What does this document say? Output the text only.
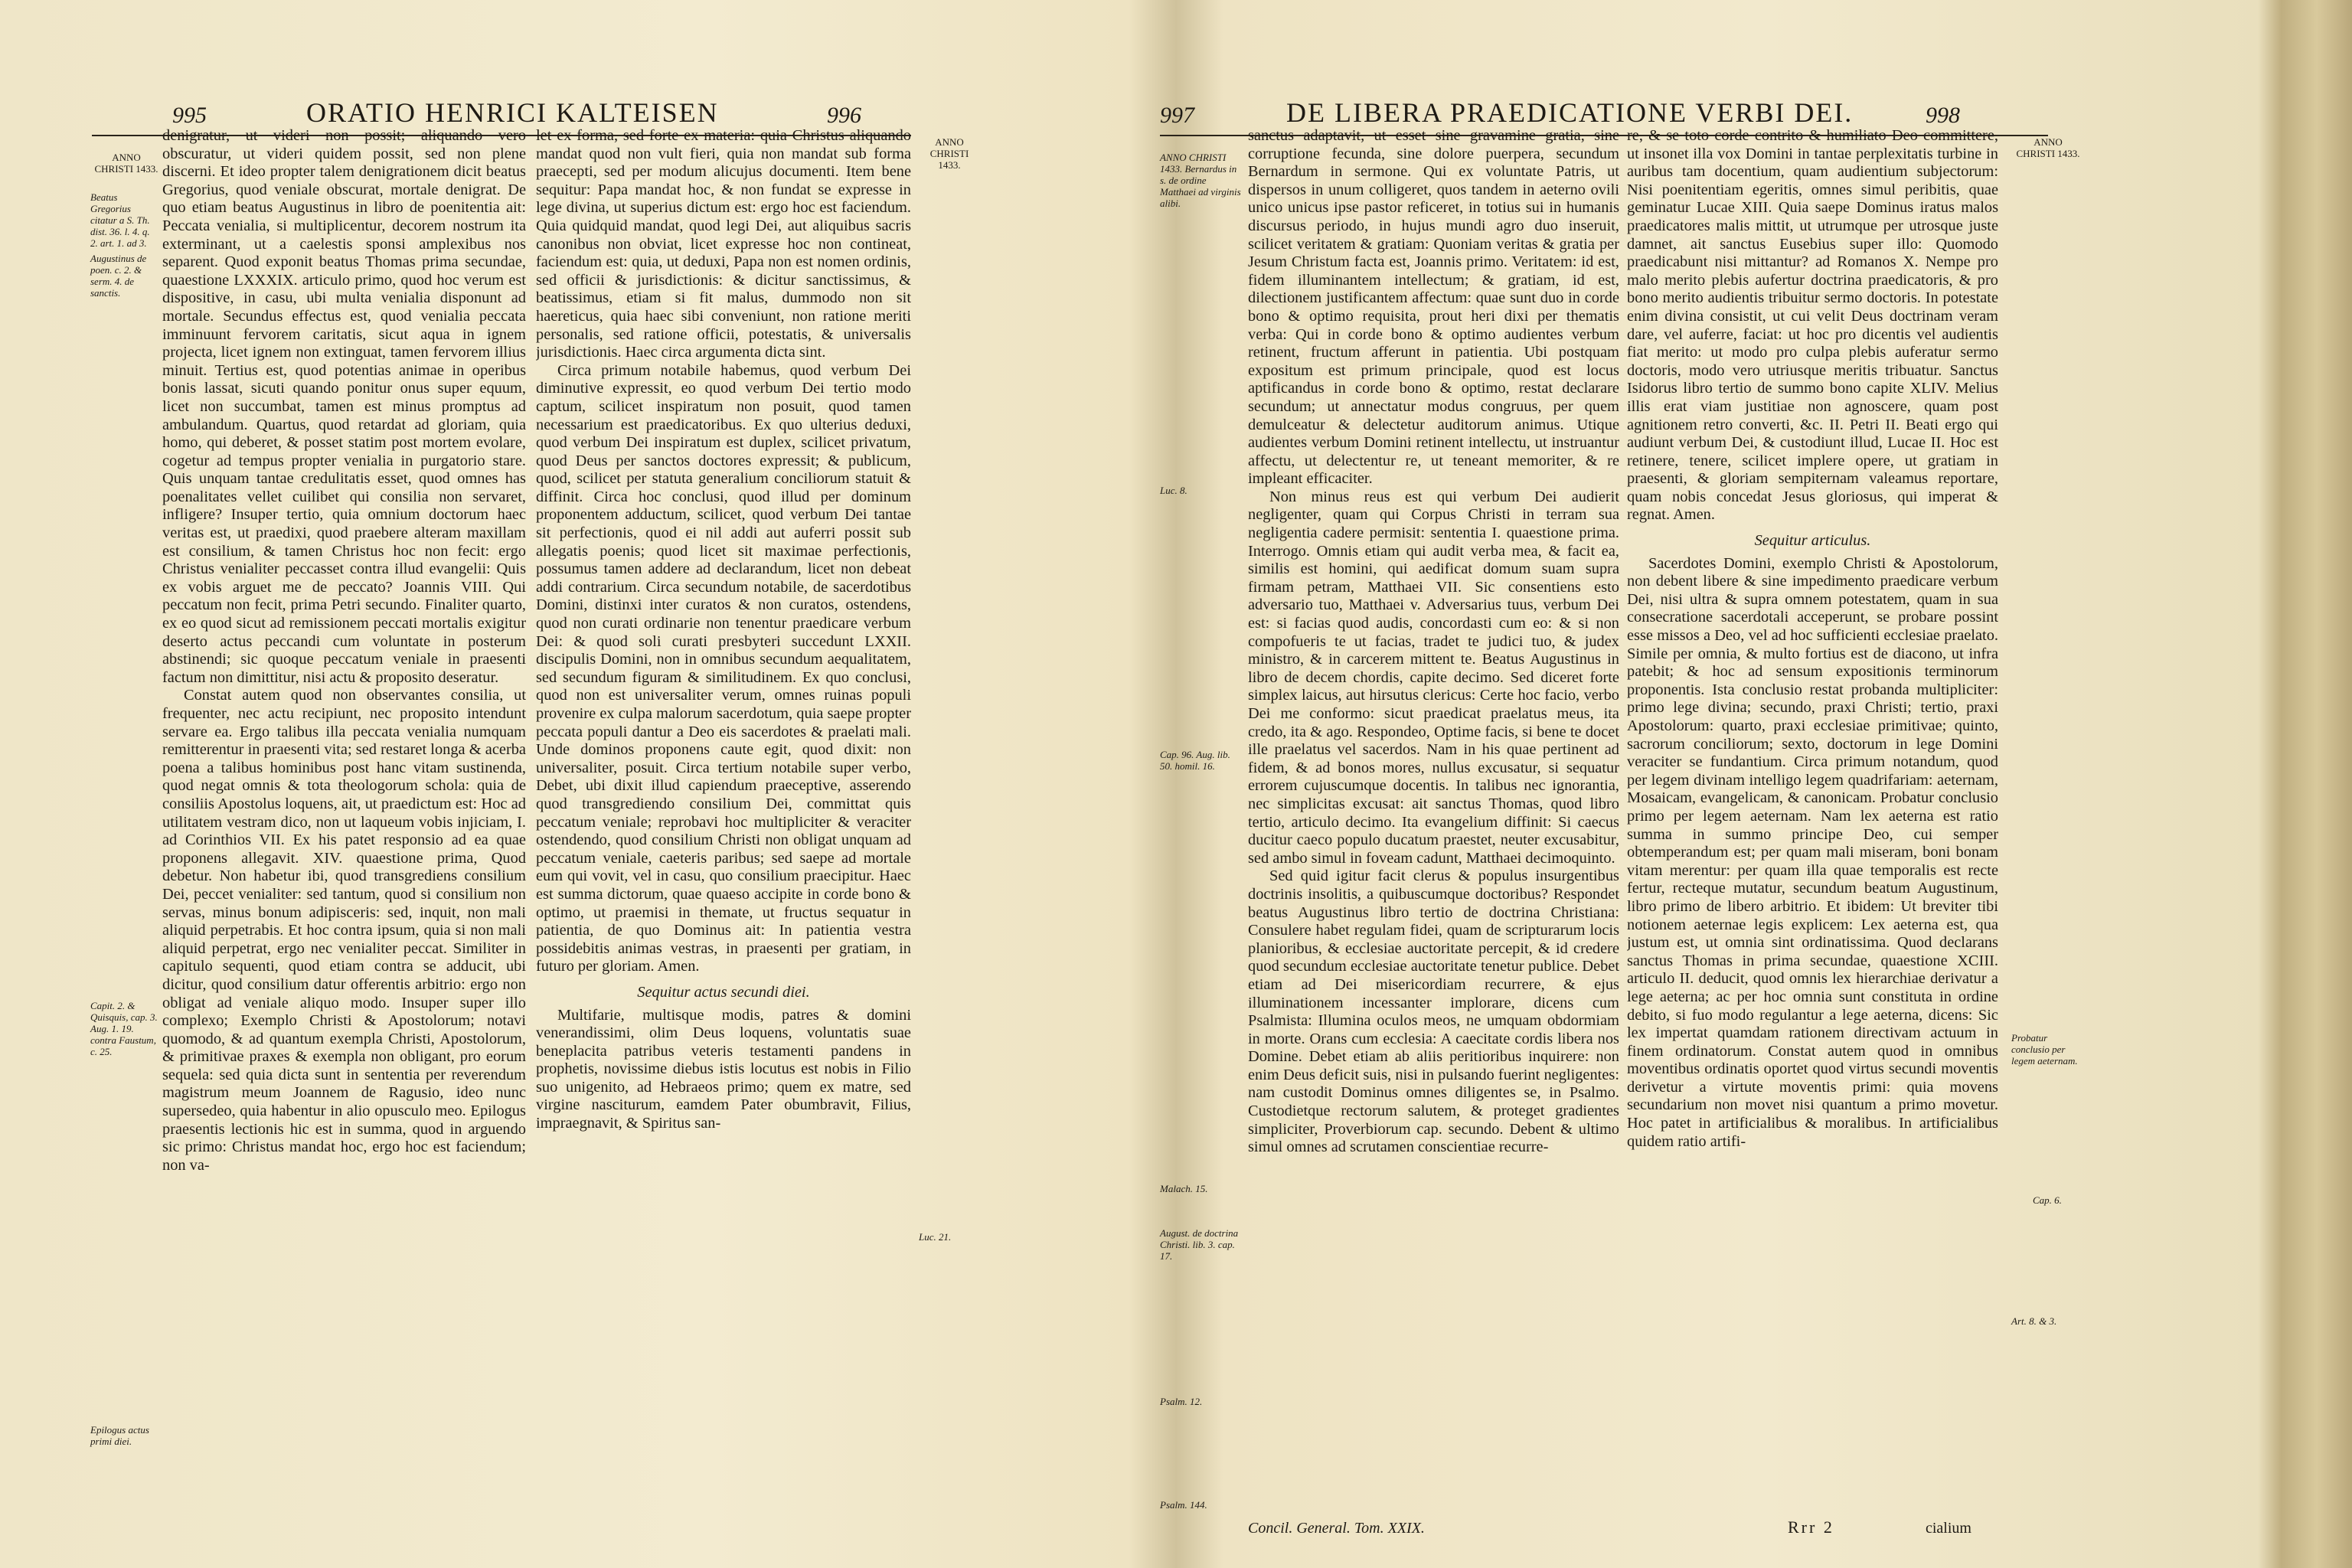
995	ORATIO HENRICI KALTEISEN	996
ANNO CHRISTI 1433.
Beatus Gregorius citatur a S. Th. dist. 36. l. 4. q. 2. art. 1. ad 3.
Augustinus de poen. c. 2. & serm. 4. de sanctis.
Capit. 2. & Quisquis, cap. 3. Aug. 1. 19. contra Faustum, c. 25.
Epilogus actus primi diei.

denigratur, ut videri non possit; aliquando vero obscuratur, ut videri quidem possit, sed non plene discerni. Et ideo propter talem denigrationem dicit beatus Gregorius, quod veniale obscurat, mortale denigrat. De quo etiam beatus Augustinus in libro de poenitentia ait: Peccata venialia, si multiplicentur, decorem nostrum ita exterminant, ut a caelestis sponsi amplexibus nos separent. Quod exponit beatus Thomas prima secundae, quaestione LXXXIX. articulo primo, quod hoc verum est dispositive, in casu, ubi multa venialia disponunt ad mortale. Secundus effectus est, quod venialia peccata imminuunt fervorem caritatis, sicut aqua in ignem projecta, licet ignem non extinguat, tamen fervorem illius minuit. Tertius est, quod potentias animae in operibus bonis lassat, sicuti quando ponitur onus super equum, licet non succumbat, tamen est minus promptus ad ambulandum. Quartus, quod retardat ad gloriam, quia homo, qui deberet, & posset statim post mortem evolare, cogetur ad tempus propter venialia in purgatorio stare. Quis unquam tantae credulitatis esset, quod omnes has poenalitates vellet cuilibet qui consilia non servaret, infligere? Insuper tertio, quia omnium doctorum haec veritas est, ut praedixi, quod praebere alteram maxillam est consilium, & tamen Christus hoc non fecit: ergo Christus venialiter peccasset contra illud evangelii: Quis ex vobis arguet me de peccato? Joannis VIII. Qui peccatum non fecit, prima Petri secundo. Finaliter quarto, ex eo quod sicut ad remissionem peccati mortalis exigitur deserto actus peccandi cum voluntate in posterum abstinendi; sic quoque peccatum veniale in praesenti factum non dimittitur, nisi actu & proposito deseratur.

Constat autem quod non observantes consilia, ut frequenter, nec actu recipiunt, nec proposito intendunt servare ea. Ergo talibus illa peccata venialia numquam remitterentur in praesenti vita; sed restaret longa & acerba poena a talibus hominibus post hanc vitam sustinenda, quod negat omnis & tota theologorum schola: quia de consiliis Apostolus loquens, ait, ut praedictum est: Hoc ad utilitatem vestram dico, non ut laqueum vobis injiciam, I. ad Corinthios VII. Ex his patet responsio ad ea quae proponens allegavit. XIV. quaestione prima, Quod debetur. Non habetur ibi, quod transgrediens consilium Dei, peccet venialiter: sed tantum, quod si consilium non servas, minus bonum adipisceris: sed, inquit, non mali aliquid perpetrabis. Et hoc contra ipsum, quia si non mali aliquid perpetrat, ergo nec venialiter peccat. Similiter in capitulo sequenti, quod etiam contra se adducit, ubi dicitur, quod consilium datur offerentis arbitrio: ergo non obligat ad veniale aliquo modo. Insuper super illo complexo; Exemplo Christi & Apostolorum; notavi quomodo, & ad quantum exempla Christi, Apostolorum, & primitivae praxes & exempla non obligant, pro eorum sequela: sed quia dicta sunt in sententia per reverendum magistrum meum Joannem de Ragusio, ideo nunc supersedeo, quia habentur in alio opusculo meo. Epilogus praesentis lectionis hic est in summa, quod in arguendo sic primo: Christus mandat hoc, ergo hoc est faciendum; non va-

let ex forma, sed forte ex materia: quia Christus aliquando mandat quod non vult fieri, quia non mandat sub forma praecepti, sed per modum alicujus documenti. Item bene sequitur: Papa mandat hoc, & non fundat se expresse in lege divina, ut superius dictum est: ergo hoc est faciendum. Quia quidquid mandat, quod legi Dei, aut aliquibus sacris canonibus non obviat, licet expresse hoc non contineat, faciendum est: quia, ut deduxi, Papa non est nomen ordinis, sed officii & jurisdictionis: & dicitur sanctissimus, & beatissimus, etiam si fit malus, dummodo non sit haereticus, quia haec sibi conveniunt, non ratione meriti personalis, sed ratione officii, potestatis, & universalis jurisdictionis. Haec circa argumenta dicta sint.

Circa primum notabile habemus, quod verbum Dei diminutive expressit, eo quod verbum Dei tertio modo captum, scilicet inspiratum non posuit, quod tamen necessarium est praedicatoribus. Ex quo ulterius deduxi, quod verbum Dei inspiratum est duplex, scilicet privatum, quod Deus per sanctos doctores expressit; & publicum, quod, scilicet per statuta generalium conciliorum statuit & diffinit. Circa hoc conclusi, quod illud per dominum proponentem adductum, scilicet, quod verbum Dei tantae sit perfectionis, quod ei nil addi aut auferri possit sub allegatis poenis; quod licet sit maximae perfectionis, possumus tamen addere ad declarandum, licet non debeat addi contrarium. Circa secundum notabile, de sacerdotibus Domini, distinxi inter curatos & non curatos, ostendens, quod non curati ordinarie non tenentur praedicare verbum Dei: & quod soli curati presbyteri succedunt LXXII. discipulis Domini, non in omnibus secundum aequalitatem, sed secundum figuram & similitudinem. Ex quo conclusi, quod non est universaliter verum, omnes ruinas populi provenire ex culpa malorum sacerdotum, quia saepe propter peccata populi dantur a Deo eis sacerdotes & praelati mali. Unde dominos proponens caute egit, quod dixit: non universaliter, posuit. Circa tertium notabile super verbo, Debet, ubi dixit illud capiendum praeceptive, asserendo quod transgrediendo consilium Dei, committat quis peccatum veniale; reprobavi hoc multipliciter & veraciter ostendendo, quod consilium Christi non obligat unquam ad peccatum veniale, caeteris paribus; sed saepe ad mortale eum qui vovit, vel in casu, quo consilium praecipitur. Haec est summa dictorum, quae quaeso accipite in corde bono & optimo, ut praemisi in themate, ut fructus sequatur in patientia, de quo Dominus ait: In patientia vestra possidebitis animas vestras, in praesenti per gratiam, in futuro per gloriam. Amen.

Sequitur actus secundi diei.

Multifarie, multisque modis, patres & domini venerandissimi, olim Deus loquens, voluntatis suae beneplacita patribus veteris testamenti pandens in prophetis, novissime diebus istis locutus est nobis in Filio suo unigenito, ad Hebraeos primo; quem ex matre, sed virgine nasciturum, eamdem Pater obumbravit, Filius, impraegnavit, & Spiritus san-

ANNO CHRISTI 1433.
Luc. 21.
997	DE LIBERA PRAEDICATIONE VERBI DEI.	998
ANNO CHRISTI 1433. Bernardus in s. de ordine Matthaei ad virginis alibi.
Luc. 8.
Cap. 96. Aug. lib. 50. homil. 16.
Malach. 15.
August. de doctrina Christi. lib. 3. cap. 17.
Psalm. 12.
Psalm. 144.

sanctus adaptavit, ut esset sine gravamine gratia, sine corruptione fecunda, sine dolore puerpera, secundum Bernardum in sermone. Qui ex voluntate Patris, ut dispersos in unum colligeret, quos tandem in aeterno ovili unico unicus ipse pastor reficeret, in totius sui in humanis discursus periodo, in hujus mundi agro duo inseruit, scilicet veritatem & gratiam: Quoniam veritas & gratia per Jesum Christum facta est, Joannis primo. Veritatem: id est, fidem illuminantem intellectum; & gratiam, id est, dilectionem justificantem affectum: quae sunt duo in corde bono & optimo requisita, prout heri dixi per thematis verba: Qui in corde bono & optimo audientes verbum retinent, fructum afferunt in patientia. Ubi postquam expositum est primum principale, quod est locus aptificandus in corde bono & optimo, restat declarare secundum; ut annectatur modus congruus, per quem demulceatur & delectetur auditorum animus. Utique audientes verbum Domini retinent intellectu, ut instruantur affectu, ut delectentur re, ut teneant memoriter, & re impleant efficaciter.

Non minus reus est qui verbum Dei audierit negligenter, quam qui Corpus Christi in terram sua negligentia cadere permisit: sententia I. quaestione prima. Interrogo. Omnis etiam qui audit verba mea, & facit ea, similis est homini, qui aedificat domum suam supra firmam petram, Matthaei VII. Sic consentiens esto adversario tuo, Matthaei v. Adversarius tuus, verbum Dei est: si facias quod audis, concordasti cum eo: & si non compofueris te ut facias, tradet te judici tuo, & judex ministro, & in carcerem mittent te. Beatus Augustinus in libro de decem chordis, capite decimo. Sed diceret forte simplex laicus, aut hirsutus clericus: Certe hoc facio, verbo Dei me conformo: sicut praedicat praelatus meus, ita credo, ita & ago. Respondeo, Optime facis, si bene te docet ille praelatus vel sacerdos. Nam in his quae pertinent ad fidem, & ad bonos mores, nullus excusatur, si sequatur errorem cujuscumque docentis. In talibus nec ignorantia, nec simplicitas excusat: ait sanctus Thomas, quod libro tertio, articulo decimo. Ita evangelium diffinit: Si caecus ducitur caeco populo ducatum praestet, neuter excusabitur, sed ambo simul in foveam cadunt, Matthaei decimoquinto.

Sed quid igitur facit clerus & populus insurgentibus doctrinis insolitis, a quibuscumque doctoribus? Respondet beatus Augustinus libro tertio de doctrina Christiana: Consulere habet regulam fidei, quam de scripturarum locis planioribus, & ecclesiae auctoritate percepit, & id credere quod secundum ecclesiae auctoritate tenetur publice. Debet etiam ad Dei misericordiam recurrere, & ejus illuminationem incessanter implorare, dicens cum Psalmista: Illumina oculos meos, ne umquam obdormiam in morte. Orans cum ecclesia: A caecitate cordis libera nos Domine. Debet etiam ab aliis peritioribus inquirere: non enim Deus deficit suis, nisi in pulsando fuerint negligentes: nam custodit Dominus omnes diligentes se, in Psalmo. Custodietque rectorum salutem, & proteget gradientes simpliciter, Proverbiorum cap. secundo. Debent & ultimo simul omnes ad scrutamen conscientiae recurre-

re, & se toto corde contrito & humiliato Deo committere, ut insonet illa vox Domini in tantae perplexitatis turbine in auribus tam docentium, quam audientium subjectorum: Nisi poenitentiam egeritis, omnes simul peribitis, quae geminatur Lucae XIII. Quia saepe Dominus iratus malos praedicatores malis mittit, ut utrumque per utrosque juste damnet, ait sanctus Eusebius super illo: Quomodo praedicabunt nisi mittantur? ad Romanos X. Nempe pro malo merito plebis aufertur doctrina praedicatoris, & pro bono merito audientis tribuitur sermo doctoris. In potestate enim divina consistit, ut cui velit Deus doctrinam veram dare, vel auferre, faciat: ut hoc pro dicentis vel audientis fiat merito: ut modo pro culpa plebis auferatur sermo doctoris, modo vero utriusque meritis tribuatur. Sanctus Isidorus libro tertio de summo bono capite XLIV. Melius illis erat viam justitiae non agnoscere, quam post agnitionem retro converti, &c. II. Petri II. Beati ergo qui audiunt verbum Dei, & custodiunt illud, Lucae II. Hoc est retinere, tenere, scilicet implere opere, ut gratiam in praesenti, & gloriam sempiternam valeamus reportare, quam nobis concedat Jesus gloriosus, qui imperat & regnat. Amen.

Sequitur articulus.

Sacerdotes Domini, exemplo Christi & Apostolorum, non debent libere & sine impedimento praedicare verbum Dei, nisi ultra & supra omnem potestatem, quam in sua consecratione sacerdotali acceperunt, se probare possint esse missos a Deo, vel ad hoc sufficienti ecclesiae praelato. Simile per omnia, & multo fortius est de diacono, ut infra patebit; & hoc ad sensum expositionis terminorum proponentis. Ista conclusio restat probanda multipliciter: primo lege divina; secundo, praxi Christi; tertio, praxi Apostolorum: quarto, praxi ecclesiae primitivae; quinto, sacrorum conciliorum; sexto, doctorum in lege Domini veraciter se fundantium. Circa primum notandum, quod per legem divinam intelligo legem quadrifariam: aeternam, Mosaicam, evangelicam, & canonicam. Probatur conclusio primo per legem aeternam. Nam lex aeterna est ratio summa in summo principe Deo, cui semper obtemperandum est; per quam mali miseram, boni bonam vitam merentur: per quam illa quae temporalis est recte fertur, recteque mutatur, secundum beatum Augustinum, libro primo de libero arbitrio. Et ibidem: Ut breviter tibi notionem aeternae legis explicem: Lex aeterna est, qua justum est, ut omnia sint ordinatissima. Quod declarans sanctus Thomas in prima secundae, quaestione XCIII. articulo II. deducit, quod omnis lex hierarchiae derivatur a lege aeterna; ac per hoc omnia sunt constituta in ordine debito, si fuo modo regulantur a lege aeterna, dicens: Sic lex impertat quamdam rationem directivam actuum in finem ordinatorum. Constat autem quod in omnibus moventibus ordinatis oportet quod virtus secundi moventis derivetur a virtute moventis primi: quia movens secundarium non movet nisi quantum a primo movetur. Hoc patet in artificialibus & moralibus. In artificialibus quidem ratio artifi-

ANNO CHRISTI 1433.
Probatur conclusio per legem aeternam.
Cap. 6.
Art. 8. & 3.
Concil. General. Tom. XXIX.	Rrr 2	cialium
